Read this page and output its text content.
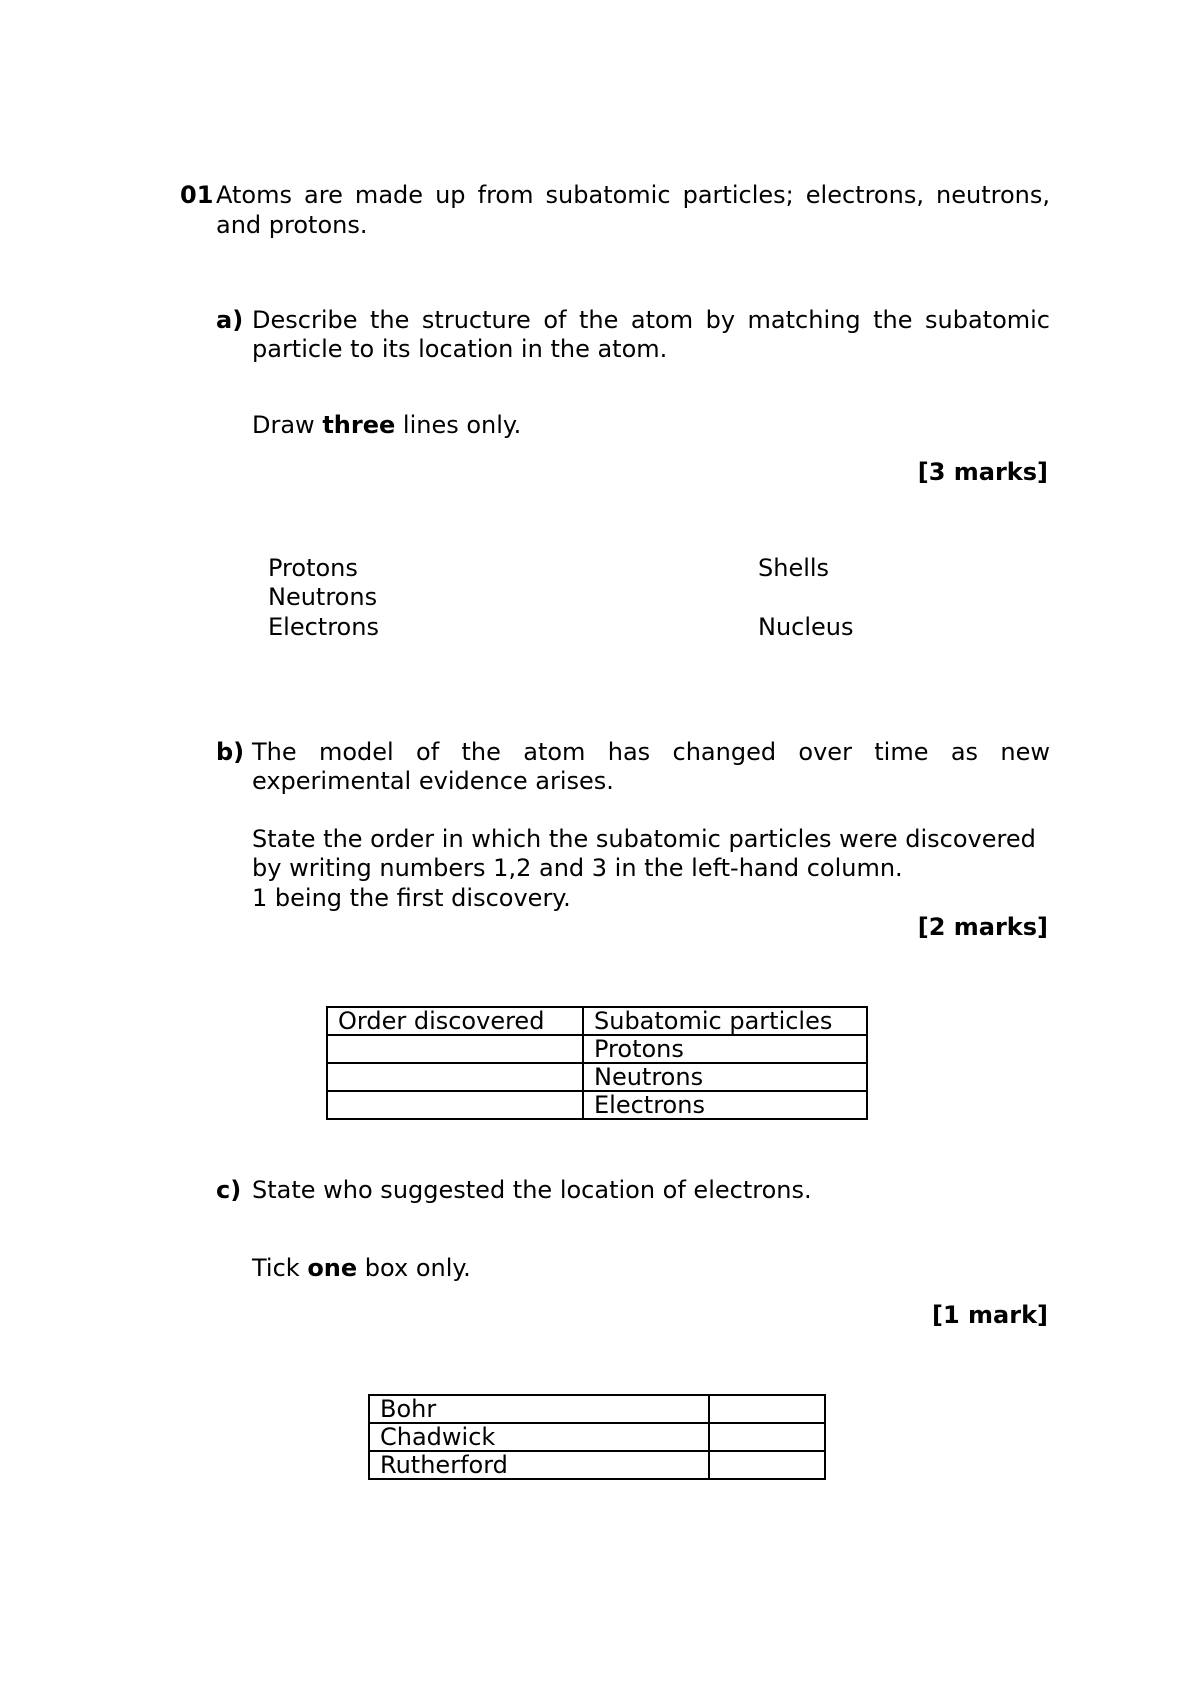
01 Atoms are made up from subatomic particles; electrons, neutrons,
and protons.
a) Describe the structure of the atom by matching the subatomic
particle to its location in the atom.
Draw three lines only.
[3 marks]
Protons
Neutrons
Electrons
Shells
Nucleus
b) The model of the atom has changed over time as new
experimental evidence arises.
State the order in which the subatomic particles were discovered
by writing numbers 1,2 and 3 in the left-hand column.
1 being the first discovery.
[2 marks]
Order discovered	Subatomic particles
	Protons
	Neutrons
	Electrons
c) State who suggested the location of electrons.
Tick one box only.
[1 mark]
Bohr	
Chadwick	
Rutherford	
